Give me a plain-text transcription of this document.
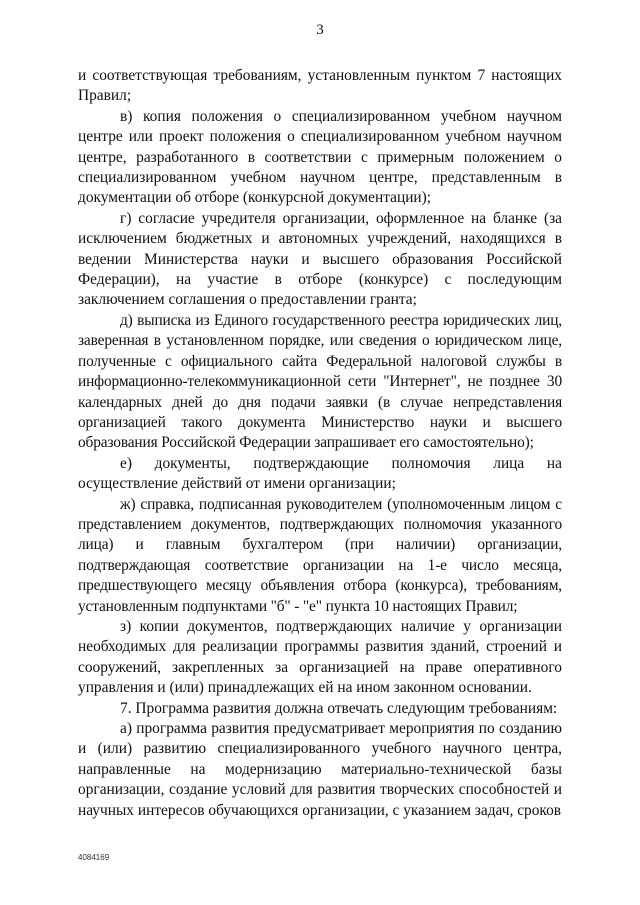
3

и соответствующая требованиям, установленным пунктом 7 настоящих Правил;

в) копия положения о специализированном учебном научном центре или проект положения о специализированном учебном научном центре, разработанного в соответствии с примерным положением о специализированном учебном научном центре, представленным в документации об отборе (конкурсной документации);

г) согласие учредителя организации, оформленное на бланке (за исключением бюджетных и автономных учреждений, находящихся в ведении Министерства науки и высшего образования Российской Федерации), на участие в отборе (конкурсе) с последующим заключением соглашения о предоставлении гранта;

д) выписка из Единого государственного реестра юридических лиц, заверенная в установленном порядке, или сведения о юридическом лице, полученные с официального сайта Федеральной налоговой службы в информационно-телекоммуникационной сети "Интернет", не позднее 30 календарных дней до дня подачи заявки (в случае непредставления организацией такого документа Министерство науки и высшего образования Российской Федерации запрашивает его самостоятельно);

е) документы, подтверждающие полномочия лица на осуществление действий от имени организации;

ж) справка, подписанная руководителем (уполномоченным лицом с представлением документов, подтверждающих полномочия указанного лица) и главным бухгалтером (при наличии) организации, подтверждающая соответствие организации на 1-е число месяца, предшествующего месяцу объявления отбора (конкурса), требованиям, установленным подпунктами "б" - "е" пункта 10 настоящих Правил;

з) копии документов, подтверждающих наличие у организации необходимых для реализации программы развития зданий, строений и сооружений, закрепленных за организацией на праве оперативного управления и (или) принадлежащих ей на ином законном основании.

7. Программа развития должна отвечать следующим требованиям:

а) программа развития предусматривает мероприятия по созданию и (или) развитию специализированного учебного научного центра, направленные на модернизацию материально-технической базы организации, создание условий для развития творческих способностей и научных интересов обучающихся организации, с указанием задач, сроков

4084169
